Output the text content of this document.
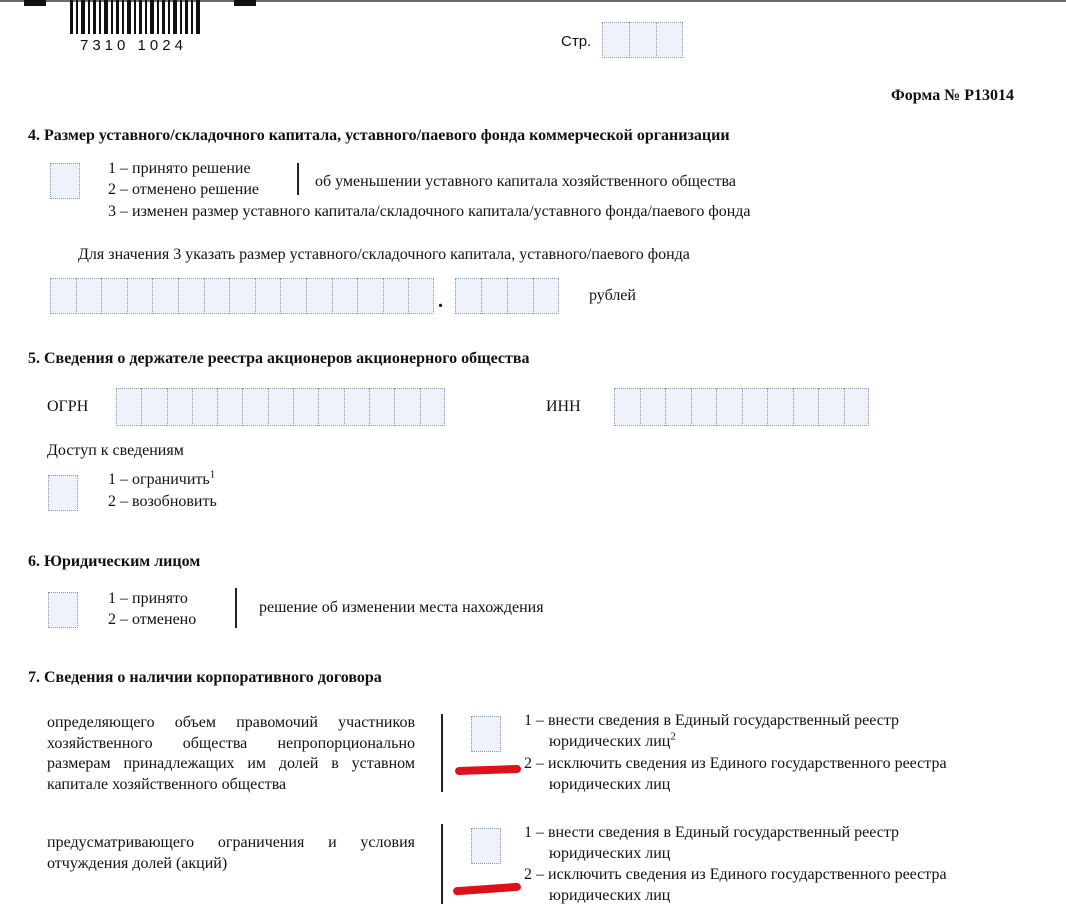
7310 1024	Стр.
Форма № Р13014
4. Размер уставного/складочного капитала, уставного/паевого фонда коммерческой организации
1 – принято решение
2 – отменено решение	об уменьшении уставного капитала хозяйственного общества
3 – изменен размер уставного капитала/складочного капитала/уставного фонда/паевого фонда
Для значения 3 указать размер уставного/складочного капитала, уставного/паевого фонда
.	рублей
5. Сведения о держателе реестра акционеров акционерного общества
ОГРН	ИНН
Доступ к сведениям
1 – ограничить$^1$
2 – возобновить
6. Юридическим лицом
1 – принято
2 – отменено
решение об изменении места нахождения
7. Сведения о наличии корпоративного договора
определяющего объем правомочий участников
хозяйственного общества непропорционально
размерам принадлежащих им долей в уставном
капитале хозяйственного общества
1 – внести сведения в Единый государственный реестр
юридических лиц$^2$
2 – исключить сведения из Единого государственного реестра
юридических лиц
предусматривающего ограничения и условия
отчуждения долей (акций)
1 – внести сведения в Единый государственный реестр
юридических лиц
2 – исключить сведения из Единого государственного реестра
юридических лиц
